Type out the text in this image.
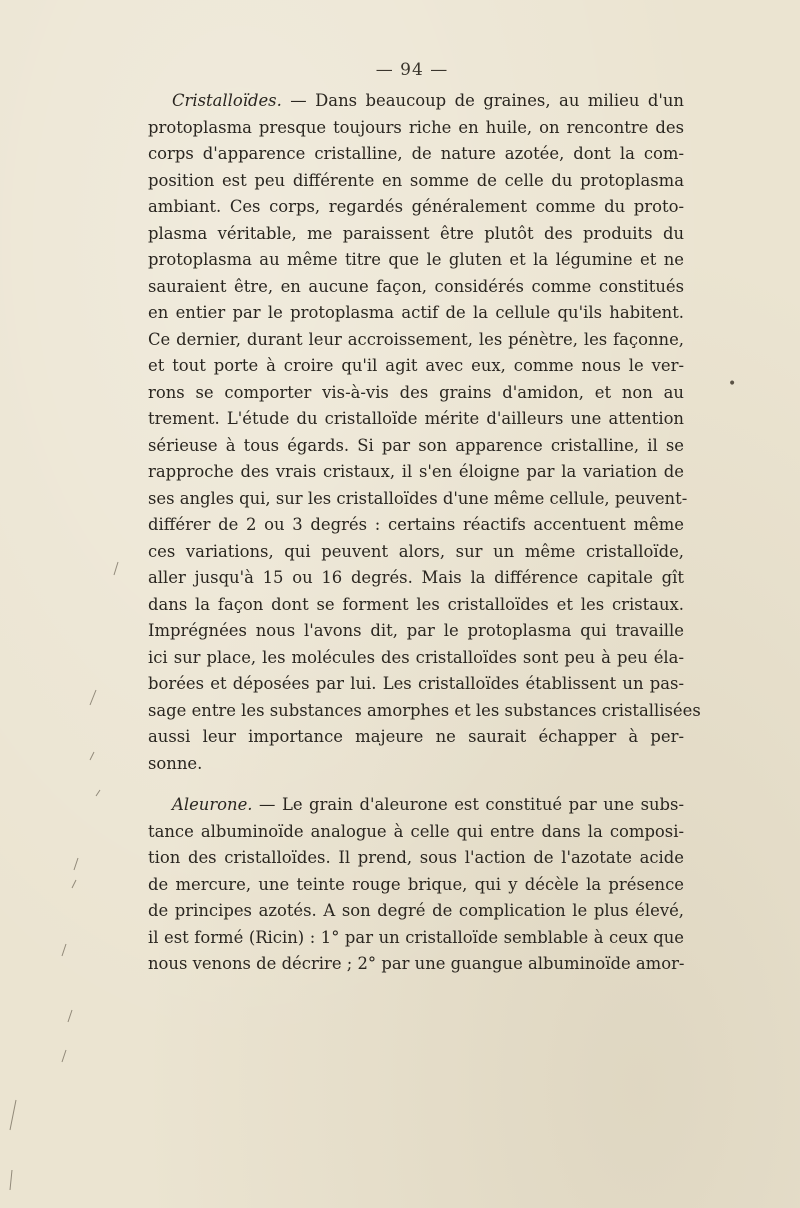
— 94 —
Cristalloïdes. — Dans beaucoup de graines, au milieu d'un
protoplasma presque toujours riche en huile, on rencontre des
corps d'apparence cristalline, de nature azotée, dont la com-
position est peu différente en somme de celle du protoplasma
ambiant. Ces corps, regardés généralement comme du proto-
plasma véritable, me paraissent être plutôt des produits du
protoplasma au même titre que le gluten et la légumine et ne
sauraient être, en aucune façon, considérés comme constitués
en entier par le protoplasma actif de la cellule qu'ils habitent.
Ce dernier, durant leur accroissement, les pénètre, les façonne,
et tout porte à croire qu'il agit avec eux, comme nous le ver-
rons se comporter vis-à-vis des grains d'amidon, et non au
trement. L'étude du cristalloïde mérite d'ailleurs une attention
sérieuse à tous égards. Si par son apparence cristalline, il se
rapproche des vrais cristaux, il s'en éloigne par la variation de
ses angles qui, sur les cristalloïdes d'une même cellule, peuvent-
différer de 2 ou 3 degrés : certains réactifs accentuent même
ces variations, qui peuvent alors, sur un même cristalloïde,
aller jusqu'à 15 ou 16 degrés. Mais la différence capitale gît
dans la façon dont se forment les cristalloïdes et les cristaux.
Imprégnées nous l'avons dit, par le protoplasma qui travaille
ici sur place, les molécules des cristalloïdes sont peu à peu éla-
borées et déposées par lui. Les cristalloïdes établissent un pas-
sage entre les substances amorphes et les substances cristallisées
aussi leur importance majeure ne saurait échapper à per-
sonne.
Aleurone. — Le grain d'aleurone est constitué par une subs-
tance albuminoïde analogue à celle qui entre dans la composi-
tion des cristalloïdes. Il prend, sous l'action de l'azotate acide
de mercure, une teinte rouge brique, qui y décèle la présence
de principes azotés. A son degré de complication le plus élevé,
il est formé (Ricin) : 1° par un cristalloïde semblable à ceux que
nous venons de décrire ; 2° par une guangue albuminoïde amor-
•
